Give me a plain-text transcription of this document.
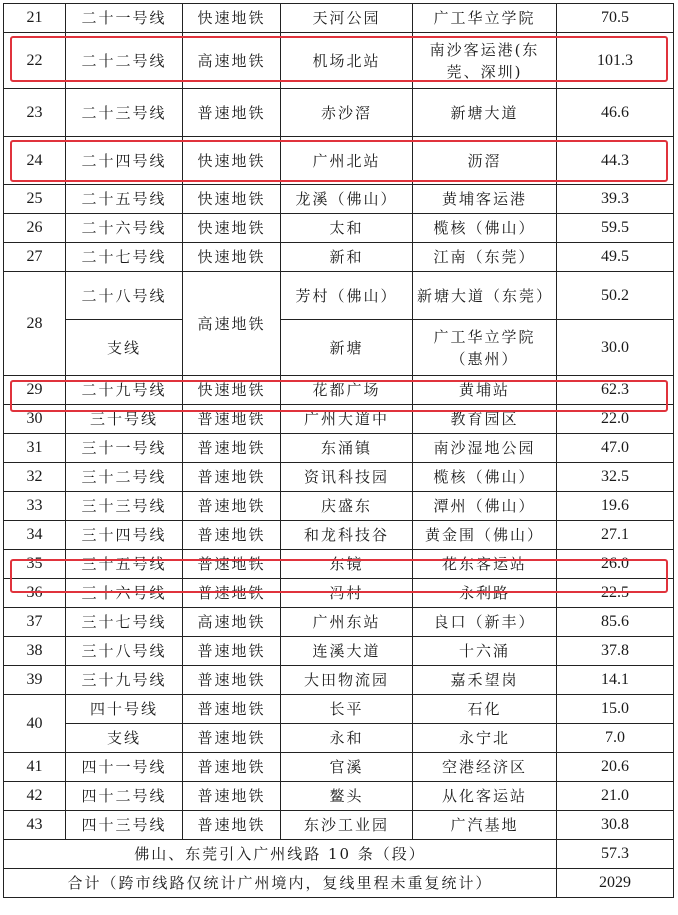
21	二十一号线	快速地铁	天河公园	广工华立学院	70.5
22	二十二号线	高速地铁	机场北站	南沙客运港(东莞、深圳)	101.3
23	二十三号线	普速地铁	赤沙滘	新塘大道	46.6
24	二十四号线	快速地铁	广州北站	沥滘	44.3
25	二十五号线	快速地铁	龙溪（佛山）	黄埔客运港	39.3
26	二十六号线	快速地铁	太和	榄核（佛山）	59.5
27	二十七号线	快速地铁	新和	江南（东莞）	49.5
28	二十八号线	高速地铁	芳村（佛山）	新塘大道（东莞）	50.2
	支线		新塘	广工华立学院（惠州）	30.0
29	二十九号线	快速地铁	花都广场	黄埔站	62.3
30	三十号线	普速地铁	广州大道中	教育园区	22.0
31	三十一号线	普速地铁	东涌镇	南沙湿地公园	47.0
32	三十二号线	普速地铁	资讯科技园	榄核（佛山）	32.5
33	三十三号线	普速地铁	庆盛东	潭州（佛山）	19.6
34	三十四号线	普速地铁	和龙科技谷	黄金围（佛山）	27.1
35	三十五号线	普速地铁	东镜	花东客运站	26.0
36	三十六号线	普速地铁	冯村	永利路	22.5
37	三十七号线	高速地铁	广州东站	良口（新丰）	85.6
38	三十八号线	普速地铁	连溪大道	十六涌	37.8
39	三十九号线	普速地铁	大田物流园	嘉禾望岗	14.1
40	四十号线	普速地铁	长平	石化	15.0
	支线	普速地铁	永和	永宁北	7.0
41	四十一号线	普速地铁	官溪	空港经济区	20.6
42	四十二号线	普速地铁	鳌头	从化客运站	21.0
43	四十三号线	普速地铁	东沙工业园	广汽基地	30.8
佛山、东莞引入广州线路 10 条（段）					57.3
合计（跨市线路仅统计广州境内，复线里程未重复统计）					2029
